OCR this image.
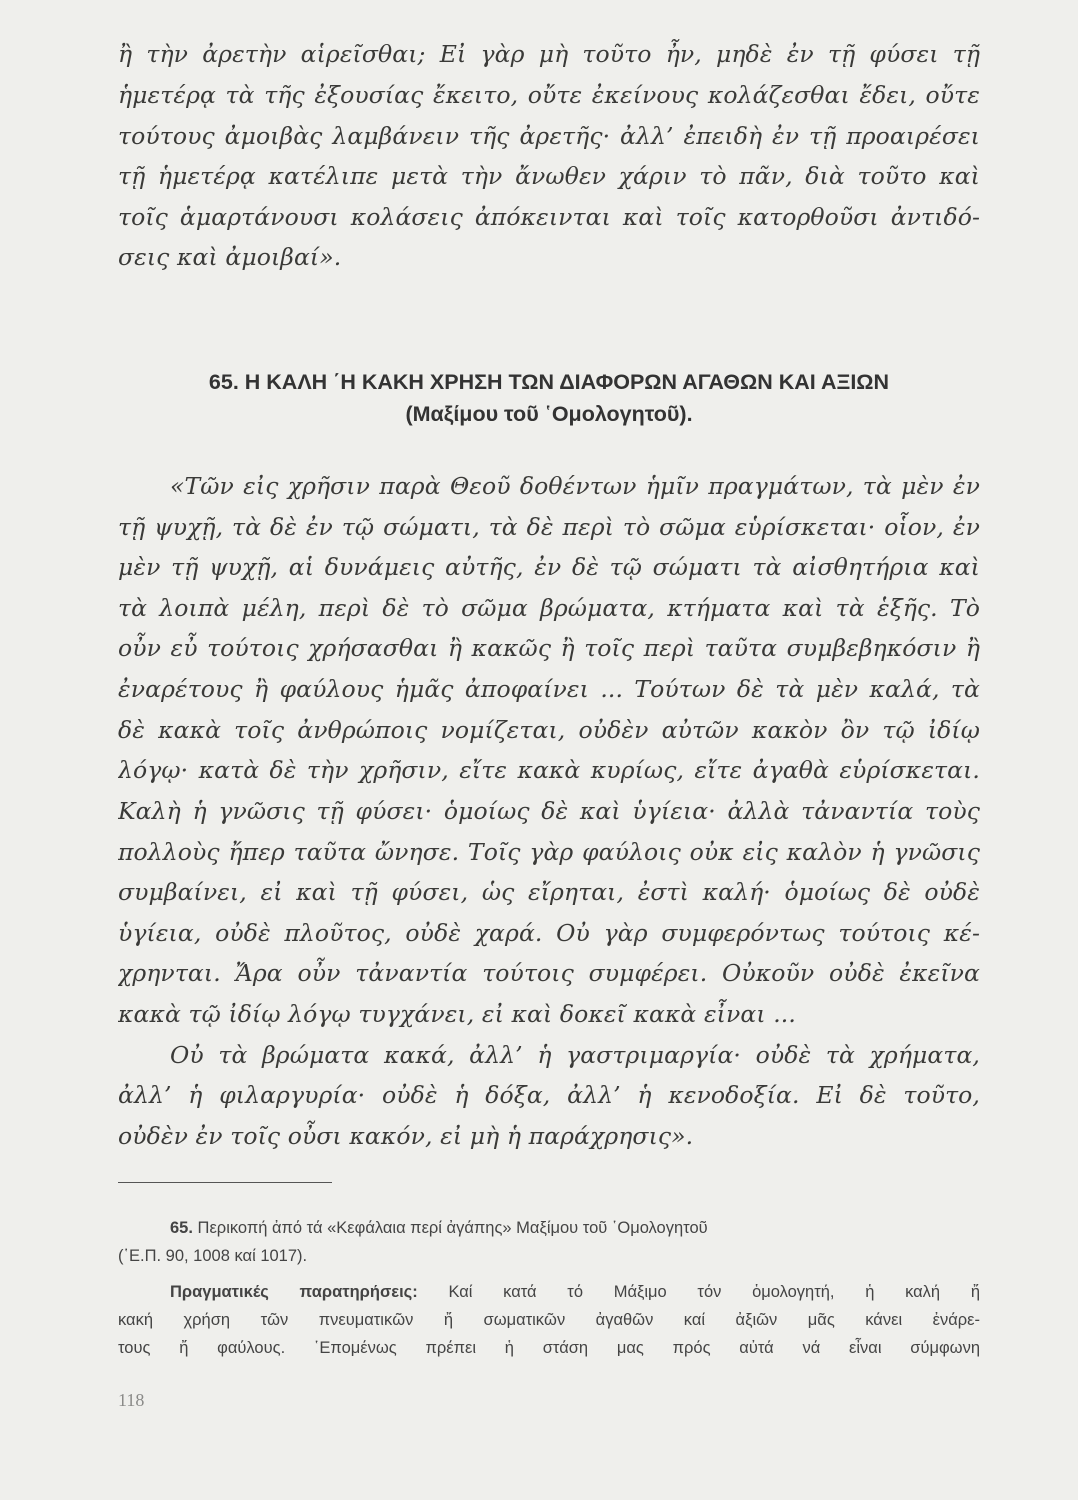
ἢ τὴν ἀρετὴν αἱρεῖσθαι; Εἰ γὰρ μὴ τοῦτο ἦν, μηδὲ ἐν τῇ φύσει τῇ
ἡμετέρᾳ τὰ τῆς ἐξουσίας ἔκειτο, οὔτε ἐκείνους κολάζεσθαι ἔδει, οὔτε
τούτους ἀμοιβὰς λαμβάνειν τῆς ἀρετῆς· ἀλλ’ ἐπειδὴ ἐν τῇ προαιρέσει
τῇ ἡμετέρᾳ κατέλιπε μετὰ τὴν ἄνωθεν χάριν τὸ πᾶν, διὰ τοῦτο καὶ
τοῖς ἁμαρτάνουσι κολάσεις ἀπόκεινται καὶ τοῖς κατορθοῦσι ἀντιδό-
σεις καὶ ἀμοιβαί».
65. Η ΚΑΛΗ ΄Η ΚΑΚΗ ΧΡΗΣΗ ΤΩΝ ΔΙΑΦΟΡΩΝ ΑΓΑΘΩΝ ΚΑΙ ΑΞΙΩΝ
(Μαξίμου τοῦ ῾Ομολογητοῦ).
«Τῶν εἰς χρῆσιν παρὰ Θεοῦ δοθέντων ἡμῖν πραγμάτων, τὰ μὲν ἐν
τῇ ψυχῇ, τὰ δὲ ἐν τῷ σώματι, τὰ δὲ περὶ τὸ σῶμα εὑρίσκεται· οἷον, ἐν
μὲν τῇ ψυχῇ, αἱ δυνάμεις αὐτῆς, ἐν δὲ τῷ σώματι τὰ αἰσθητήρια καὶ
τὰ λοιπὰ μέλη, περὶ δὲ τὸ σῶμα βρώματα, κτήματα καὶ τὰ ἑξῆς. Τὸ
οὖν εὖ τούτοις χρήσασθαι ἢ κακῶς ἢ τοῖς περὶ ταῦτα συμβεβηκόσιν ἢ
ἐναρέτους ἢ φαύλους ἡμᾶς ἀποφαίνει ... Τούτων δὲ τὰ μὲν καλά, τὰ
δὲ κακὰ τοῖς ἀνθρώποις νομίζεται, οὐδὲν αὐτῶν κακὸν ὂν τῷ ἰδίῳ
λόγῳ· κατὰ δὲ τὴν χρῆσιν, εἴτε κακὰ κυρίως, εἴτε ἀγαθὰ εὑρίσκεται.
Καλὴ ἡ γνῶσις τῇ φύσει· ὁμοίως δὲ καὶ ὑγίεια· ἀλλὰ τἀναντία τοὺς
πολλοὺς ἤπερ ταῦτα ὤνησε. Τοῖς γὰρ φαύλοις οὐκ εἰς καλὸν ἡ γνῶσις
συμβαίνει, εἰ καὶ τῇ φύσει, ὡς εἴρηται, ἐστὶ καλή· ὁμοίως δὲ οὐδὲ
ὑγίεια, οὐδὲ πλοῦτος, οὐδὲ χαρά. Οὐ γὰρ συμφερόντως τούτοις κέ-
χρηνται. Ἄρα οὖν τἀναντία τούτοις συμφέρει. Οὐκοῦν οὐδὲ ἐκεῖνα
κακὰ τῷ ἰδίῳ λόγῳ τυγχάνει, εἰ καὶ δοκεῖ κακὰ εἶναι ...
Οὐ τὰ βρώματα κακά, ἀλλ’ ἡ γαστριμαργία· οὐδὲ τὰ χρήματα,
ἀλλ’ ἡ φιλαργυρία· οὐδὲ ἡ δόξα, ἀλλ’ ἡ κενοδοξία. Εἰ δὲ τοῦτο,
οὐδὲν ἐν τοῖς οὖσι κακόν, εἰ μὴ ἡ παράχρησις».
65. Περικοπή ἀπό τά «Κεφάλαια περί ἀγάπης» Μαξίμου τοῦ ῾Ομολογητοῦ
(῾Ε.Π. 90, 1008 καί 1017).
Πραγματικές παρατηρήσεις: Καί κατά τό Μάξιμο τόν ὁμολογητή, ἡ καλή ἤ
κακή χρήση τῶν πνευματικῶν ἤ σωματικῶν ἀγαθῶν καί ἀξιῶν μᾶς κάνει ἐνάρε-
τους ἤ φαύλους. ῾Επομένως πρέπει ἡ στάση μας πρός αὐτά νά εἶναι σύμφωνη
118
